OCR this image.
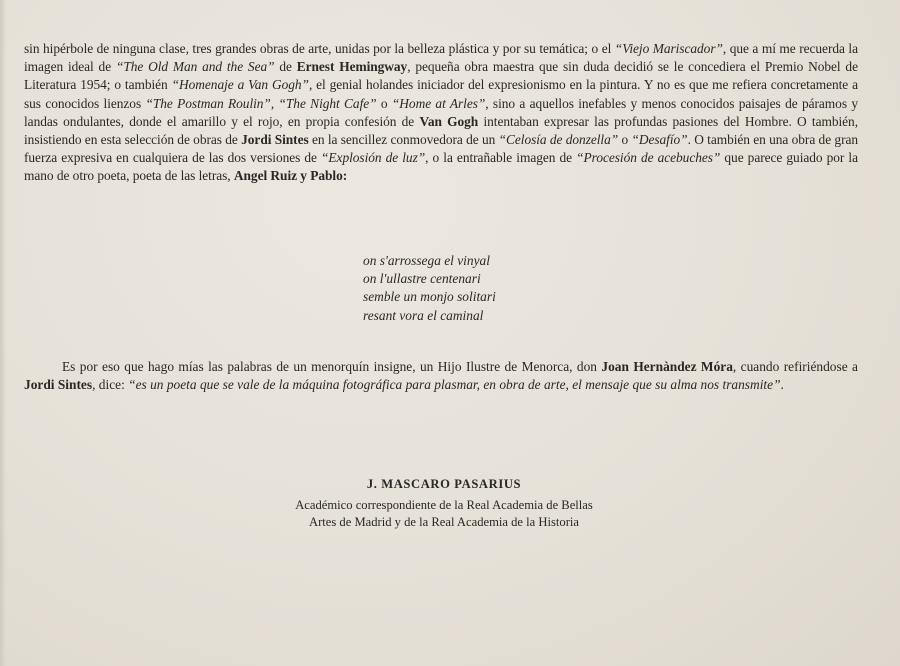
sin hipérbole de ninguna clase, tres grandes obras de arte, unidas por la belleza plástica y por su temática; o el “Viejo Mariscador”, que a mí me recuerda la imagen ideal de “The Old Man and the Sea” de Ernest Hemingway, pequeña obra maestra que sin duda decidió se le concediera el Premio Nobel de Literatura 1954; o también “Homenaje a Van Gogh”, el genial holandes iniciador del expresionismo en la pintura. Y no es que me refiera concretamente a sus conocidos lienzos “The Postman Roulin”, “The Night Cafe” o “Home at Arles”, sino a aquellos inefables y menos conocidos paisajes de páramos y landas ondulantes, donde el amarillo y el rojo, en propia confesión de Van Gogh intentaban expresar las profundas pasiones del Hombre. O también, insistiendo en esta selección de obras de Jordi Sintes en la sencillez conmovedora de un “Celosía de donzella” o “Desafío”. O también en una obra de gran fuerza expresiva en cualquiera de las dos versiones de “Explosión de luz”, o la entrañable imagen de “Procesión de acebuches” que parece guiado por la mano de otro poeta, poeta de las letras, Angel Ruiz y Pablo:

on s'arrossega el vinyal
on l'ullastre centenari
semble un monjo solitari
resant vora el caminal

Es por eso que hago mías las palabras de un menorquín insigne, un Hijo Ilustre de Menorca, don Joan Hernàndez Móra, cuando refiriéndose a Jordi Sintes, dice: “es un poeta que se vale de la máquina fotográfica para plasmar, en obra de arte, el mensaje que su alma nos transmite”.

J. MASCARO PASARIUS
Académico correspondiente de la Real Academia de Bellas
Artes de Madrid y de la Real Academia de la Historia
